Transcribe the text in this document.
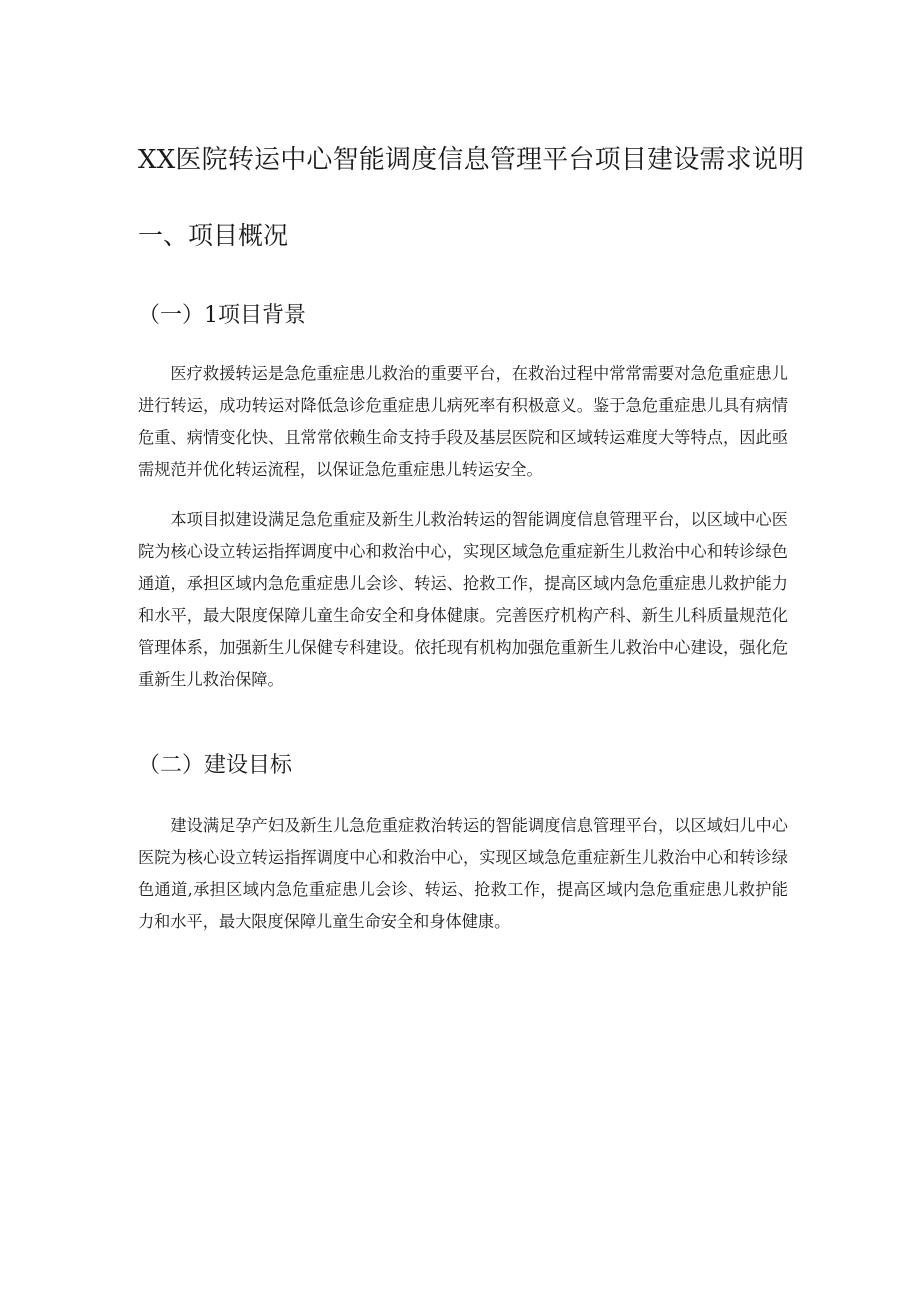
XX医院转运中心智能调度信息管理平台项目建设需求说明
一、项目概况
（一）1项目背景

医疗救援转运是急危重症患儿救治的重要平台，在救治过程中常常需要对急危重症患儿进行转运，成功转运对降低急诊危重症患儿病死率有积极意义。鉴于急危重症患儿具有病情危重、病情变化快、且常常依赖生命支持手段及基层医院和区域转运难度大等特点，因此亟需规范并优化转运流程，以保证急危重症患儿转运安全。

本项目拟建设满足急危重症及新生儿救治转运的智能调度信息管理平台，以区域中心医院为核心设立转运指挥调度中心和救治中心，实现区域急危重症新生儿救治中心和转诊绿色通道，承担区域内急危重症患儿会诊、转运、抢救工作，提高区域内急危重症患儿救护能力和水平，最大限度保障儿童生命安全和身体健康。完善医疗机构产科、新生儿科质量规范化管理体系，加强新生儿保健专科建设。依托现有机构加强危重新生儿救治中心建设，强化危重新生儿救治保障。

（二）建设目标

建设满足孕产妇及新生儿急危重症救治转运的智能调度信息管理平台，以区域妇儿中心医院为核心设立转运指挥调度中心和救治中心，实现区域急危重症新生儿救治中心和转诊绿色通道,承担区域内急危重症患儿会诊、转运、抢救工作，提高区域内急危重症患儿救护能力和水平，最大限度保障儿童生命安全和身体健康。
